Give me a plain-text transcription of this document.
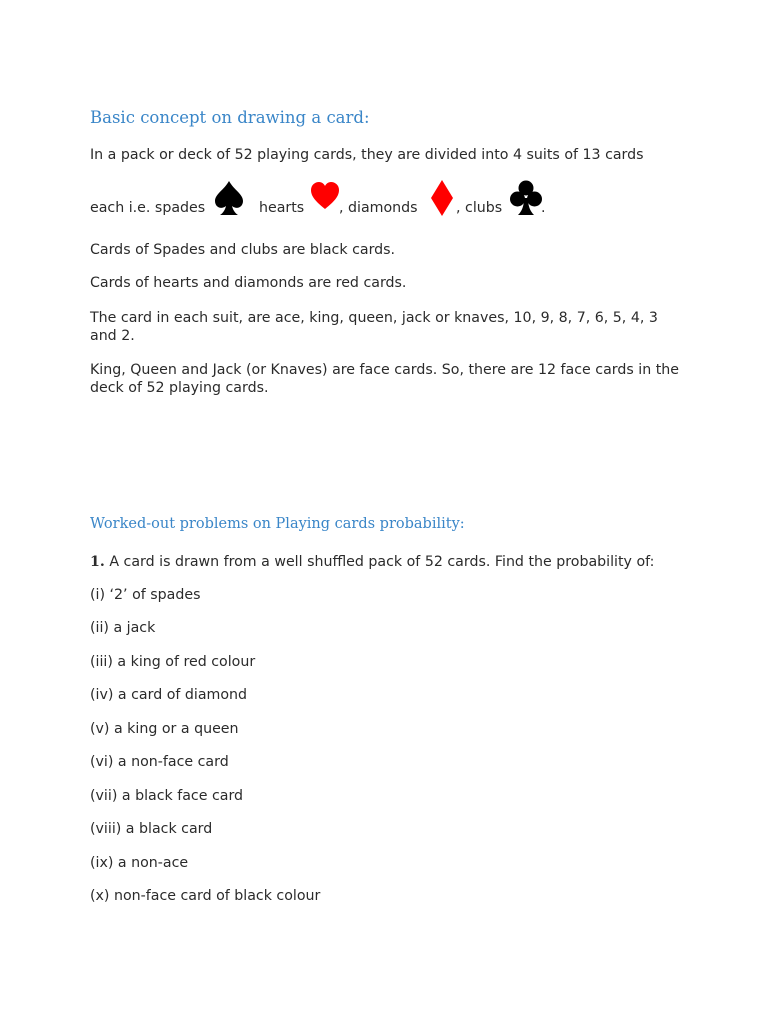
Basic concept on drawing a card:

In a pack or deck of 52 playing cards, they are divided into 4 suits of 13 cards

each i.e. spades	hearts , diamonds	, clubs	.

Cards of Spades and clubs are black cards.

Cards of hearts and diamonds are red cards.

The card in each suit, are ace, king, queen, jack or knaves, 10, 9, 8, 7, 6, 5, 4, 3 and 2.

King, Queen and Jack (or Knaves) are face cards. So, there are 12 face cards in the deck of 52 playing cards.

Worked-out problems on Playing cards probability:

1. A card is drawn from a well shuffled pack of 52 cards. Find the probability of:

(i) ‘2’ of spades

(ii) a jack

(iii) a king of red colour

(iv) a card of diamond

(v) a king or a queen

(vi) a non-face card

(vii) a black face card

(viii) a black card

(ix) a non-ace

(x) non-face card of black colour
